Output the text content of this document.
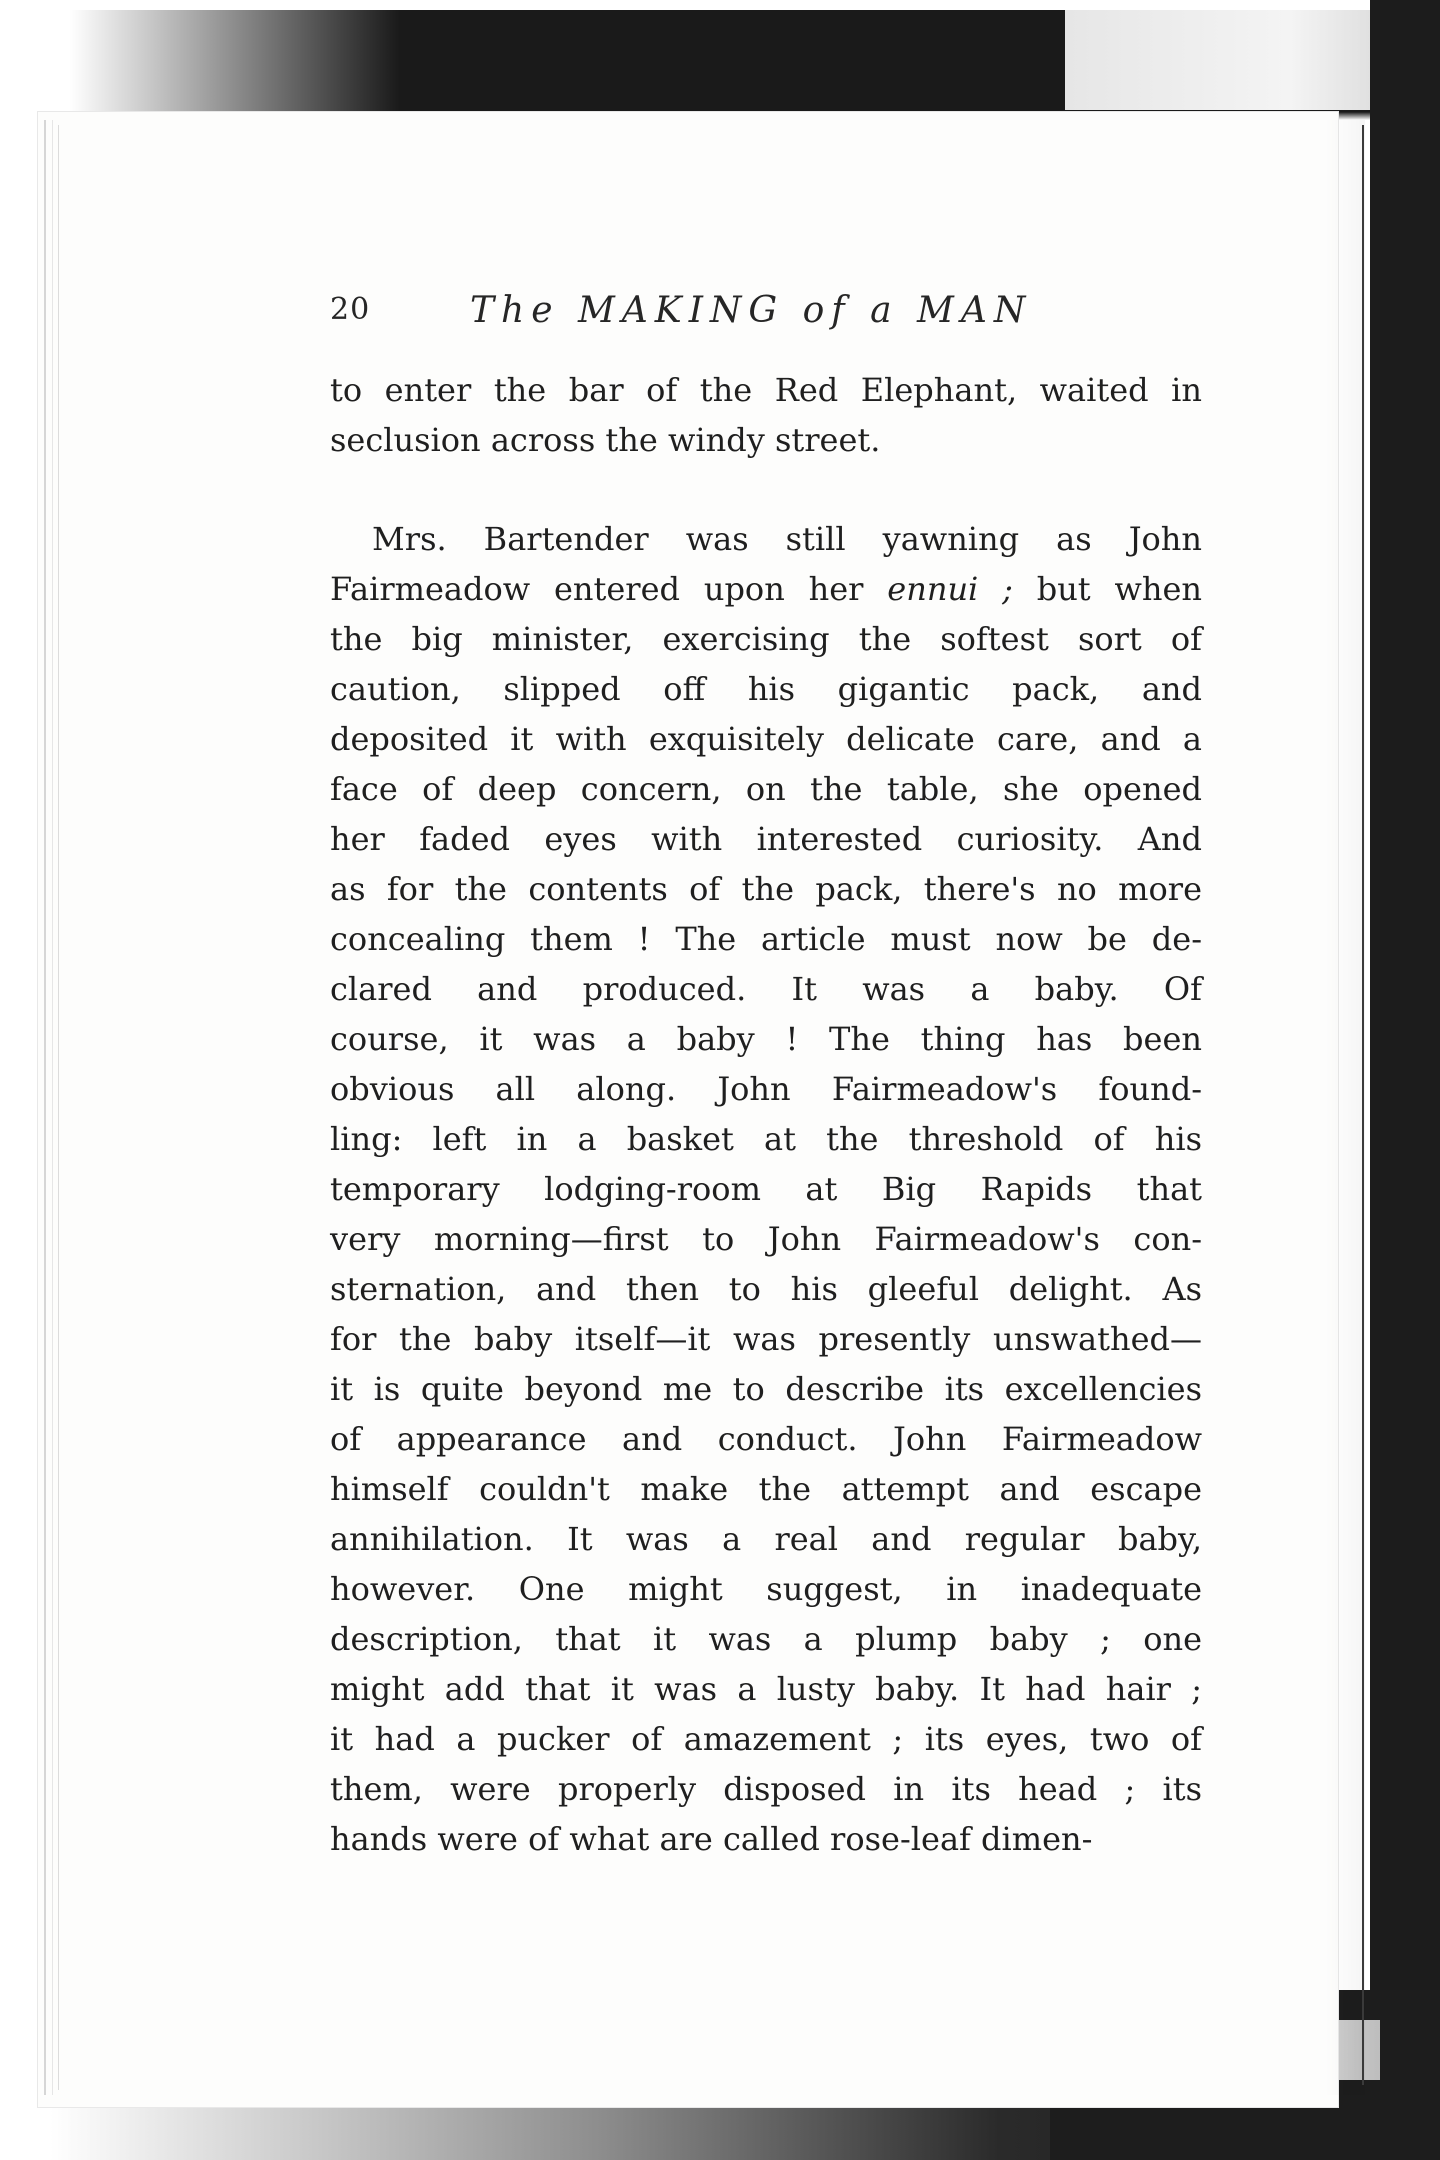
20	The MAKING of a MAN
to enter the bar of the Red Elephant, waited in
seclusion across the windy street.
Mrs. Bartender was still yawning as John
Fairmeadow entered upon her ennui ; but when
the big minister, exercising the softest sort of
caution, slipped off his gigantic pack, and
deposited it with exquisitely delicate care, and a
face of deep concern, on the table, she opened
her faded eyes with interested curiosity. And
as for the contents of the pack, there's no more
concealing them ! The article must now be de-
clared and produced. It was a baby. Of
course, it was a baby ! The thing has been
obvious all along. John Fairmeadow's found-
ling: left in a basket at the threshold of his
temporary lodging-room at Big Rapids that
very morning—first to John Fairmeadow's con-
sternation, and then to his gleeful delight. As
for the baby itself—it was presently unswathed—
it is quite beyond me to describe its excellencies
of appearance and conduct. John Fairmeadow
himself couldn't make the attempt and escape
annihilation. It was a real and regular baby,
however. One might suggest, in inadequate
description, that it was a plump baby ; one
might add that it was a lusty baby. It had hair ;
it had a pucker of amazement ; its eyes, two of
them, were properly disposed in its head ; its
hands were of what are called rose-leaf dimen-
